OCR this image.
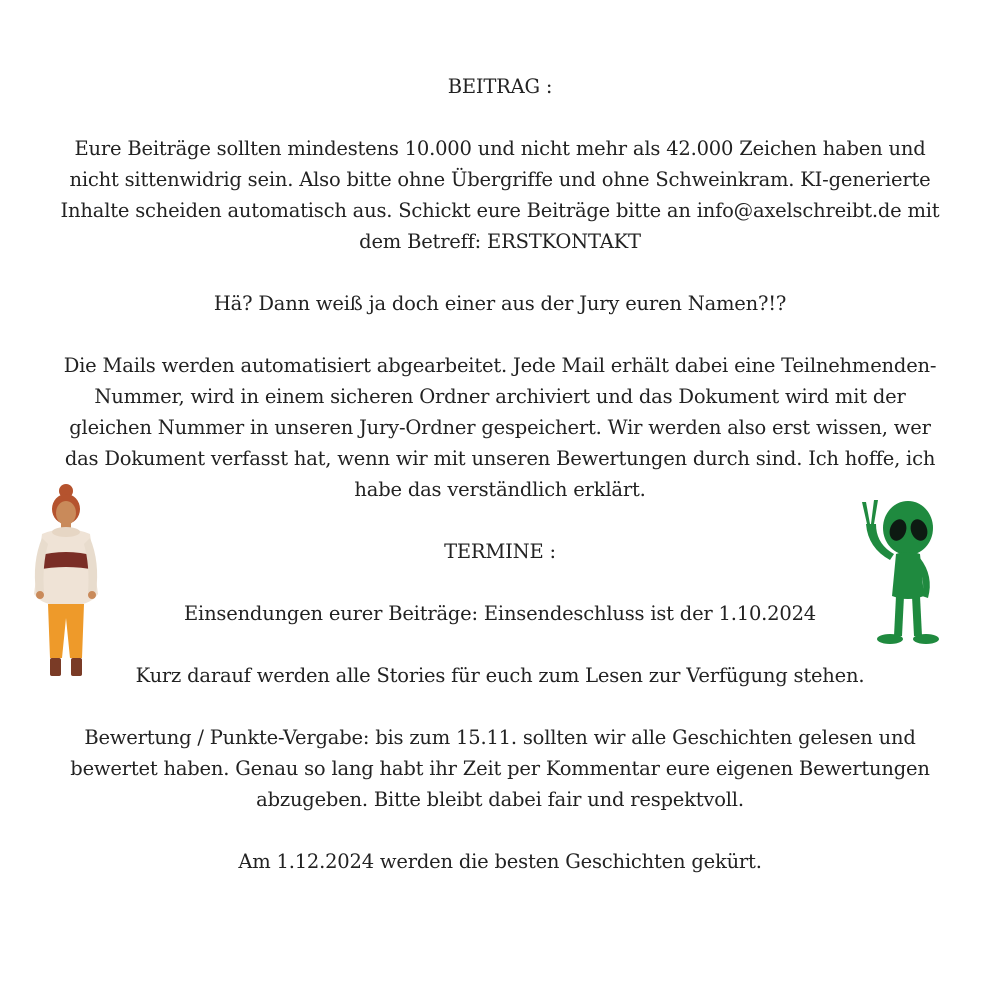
BEITRAG :

Eure Beiträge sollten mindestens 10.000 und nicht mehr als 42.000 Zeichen haben und nicht sittenwidrig sein. Also bitte ohne Übergriffe und ohne Schweinkram. KI-generierte Inhalte scheiden automatisch aus. Schickt eure Beiträge bitte an info@axelschreibt.de mit dem Betreff: ERSTKONTAKT

Hä? Dann weiß ja doch einer aus der Jury euren Namen?!?

Die Mails werden automatisiert abgearbeitet. Jede Mail erhält dabei eine Teilnehmenden-Nummer, wird in einem sicheren Ordner archiviert und das Dokument wird mit der gleichen Nummer in unseren Jury-Ordner gespeichert. Wir werden also erst wissen, wer das Dokument verfasst hat, wenn wir mit unseren Bewertungen durch sind. Ich hoffe, ich habe das verständlich erklärt.

TERMINE :

Einsendungen eurer Beiträge: Einsendeschluss ist der 1.10.2024

Kurz darauf werden alle Stories für euch zum Lesen zur Verfügung stehen.

Bewertung / Punkte-Vergabe: bis zum 15.11. sollten wir alle Geschichten gelesen und bewertet haben. Genau so lang habt ihr Zeit per Kommentar eure eigenen Bewertungen abzugeben. Bitte bleibt dabei fair und respektvoll.

Am 1.12.2024 werden die besten Geschichten gekürt.
